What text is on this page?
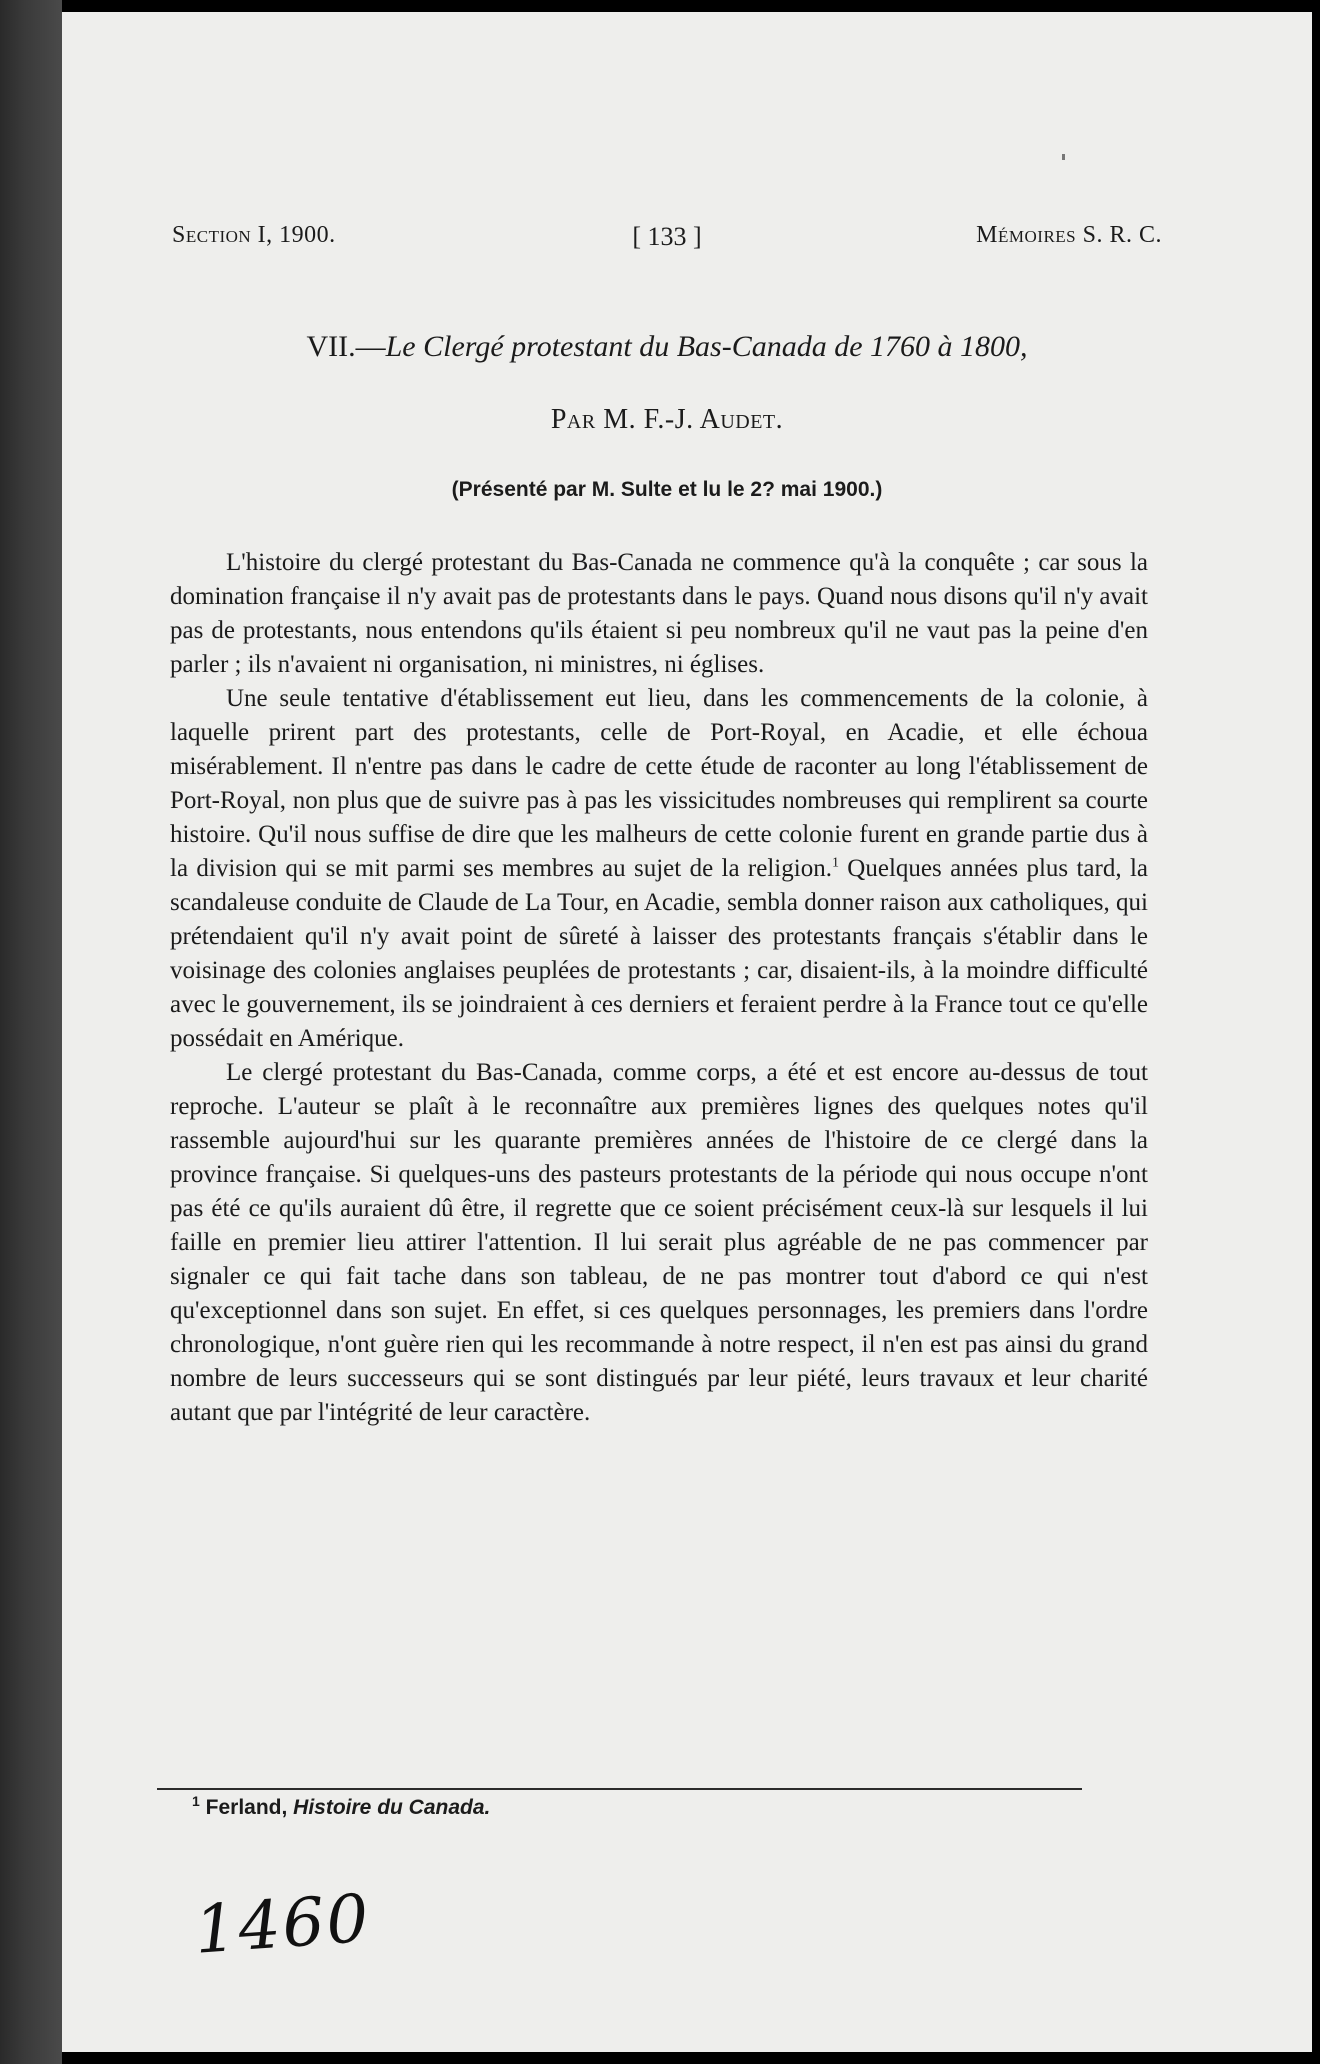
Section I, 1900.	[ 133 ]	Mémoires S. R. C.
VII.—Le Clergé protestant du Bas-Canada de 1760 à 1800,
Par M. F.-J. Audet.
(Présenté par M. Sulte et lu le 2? mai 1900.)

L'histoire du clergé protestant du Bas-Canada ne commence qu'à la conquête ; car sous la domination française il n'y avait pas de protestants dans le pays. Quand nous disons qu'il n'y avait pas de protestants, nous entendons qu'ils étaient si peu nombreux qu'il ne vaut pas la peine d'en parler ; ils n'avaient ni organisation, ni ministres, ni églises.

Une seule tentative d'établissement eut lieu, dans les commencements de la colonie, à laquelle prirent part des protestants, celle de Port-Royal, en Acadie, et elle échoua misérablement. Il n'entre pas dans le cadre de cette étude de raconter au long l'établissement de Port-Royal, non plus que de suivre pas à pas les vissicitudes nombreuses qui remplirent sa courte histoire. Qu'il nous suffise de dire que les malheurs de cette colonie furent en grande partie dus à la division qui se mit parmi ses membres au sujet de la religion.$^1$ Quelques années plus tard, la scandaleuse conduite de Claude de La Tour, en Acadie, sembla donner raison aux catholiques, qui prétendaient qu'il n'y avait point de sûreté à laisser des protestants français s'établir dans le voisinage des colonies anglaises peuplées de protestants ; car, disaient-ils, à la moindre difficulté avec le gouvernement, ils se joindraient à ces derniers et feraient perdre à la France tout ce qu'elle possédait en Amérique.

Le clergé protestant du Bas-Canada, comme corps, a été et est encore au-dessus de tout reproche. L'auteur se plaît à le reconnaître aux premières lignes des quelques notes qu'il rassemble aujourd'hui sur les quarante premières années de l'histoire de ce clergé dans la province française. Si quelques-uns des pasteurs protestants de la période qui nous occupe n'ont pas été ce qu'ils auraient dû être, il regrette que ce soient précisément ceux-là sur lesquels il lui faille en premier lieu attirer l'attention. Il lui serait plus agréable de ne pas commencer par signaler ce qui fait tache dans son tableau, de ne pas montrer tout d'abord ce qui n'est qu'exceptionnel dans son sujet. En effet, si ces quelques personnages, les premiers dans l'ordre chronologique, n'ont guère rien qui les recommande à notre respect, il n'en est pas ainsi du grand nombre de leurs successeurs qui se sont distingués par leur piété, leurs travaux et leur charité autant que par l'intégrité de leur caractère.

$^1$ Ferland, Histoire du Canada.
1460
